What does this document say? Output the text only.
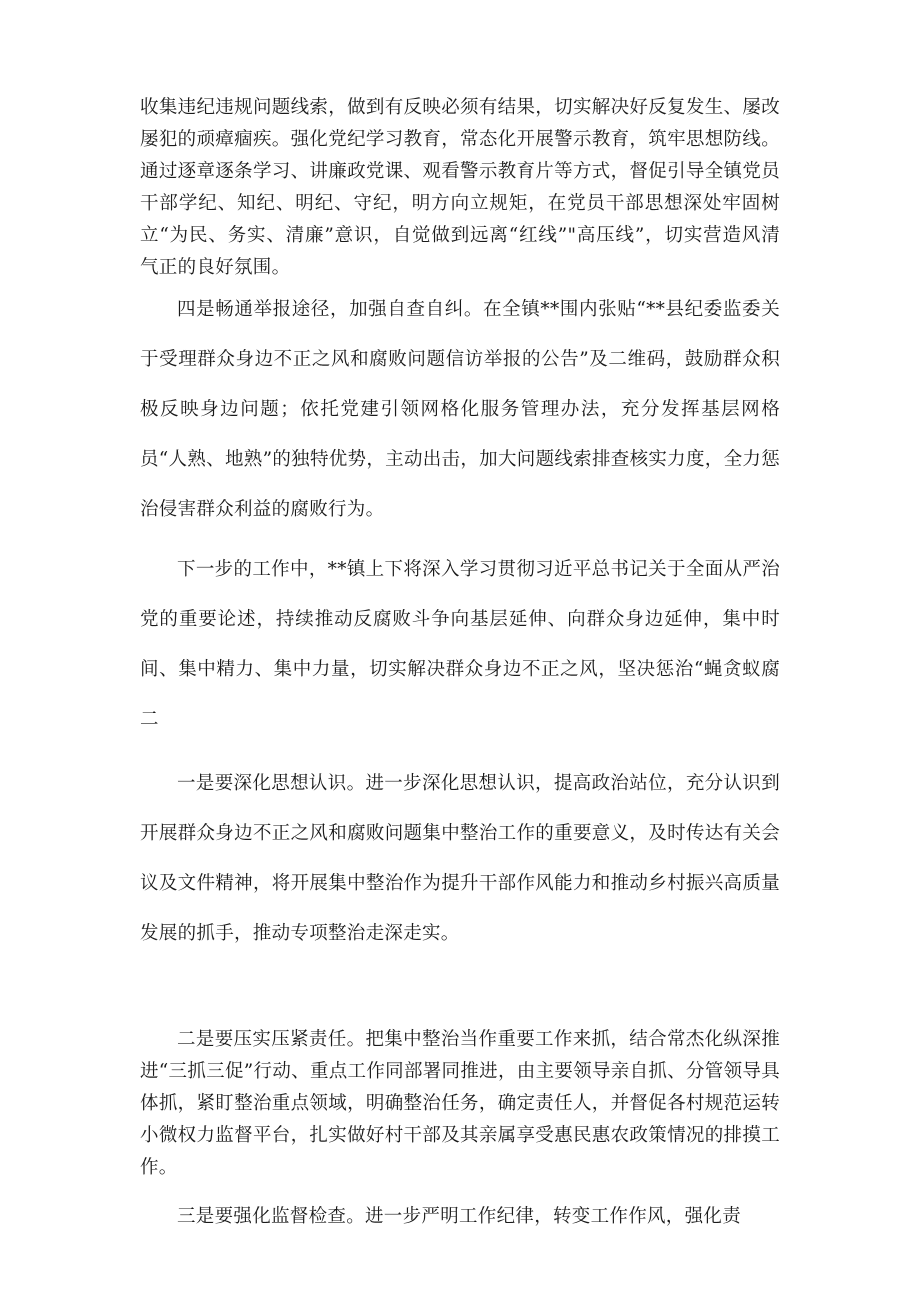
收集违纪违规问题线索，做到有反映必须有结果，切实解决好反复发生、屡改屡犯的顽瘴痼疾。强化党纪学习教育，常态化开展警示教育，筑牢思想防线。通过逐章逐条学习、讲廉政党课、观看警示教育片等方式，督促引导全镇党员干部学纪、知纪、明纪、守纪，明方向立规矩，在党员干部思想深处牢固树立“为民、务实、清廉”意识，自觉做到远离“红线”"高压线”，切实营造风清气正的良好氛围。

四是畅通举报途径，加强自查自纠。在全镇**围内张贴“**县纪委监委关于受理群众身边不正之风和腐败问题信访举报的公告”及二维码，鼓励群众积极反映身边问题；依托党建引领网格化服务管理办法，充分发挥基层网格员“人熟、地熟”的独特优势，主动出击，加大问题线索排查核实力度，全力惩治侵害群众利益的腐败行为。

下一步的工作中，**镇上下将深入学习贯彻习近平总书记关于全面从严治党的重要论述，持续推动反腐败斗争向基层延伸、向群众身边延伸，集中时间、集中精力、集中力量，切实解决群众身边不正之风，坚决惩治“蝇贪蚁腐二

一是要深化思想认识。进一步深化思想认识，提高政治站位，充分认识到开展群众身边不正之风和腐败问题集中整治工作的重要意义，及时传达有关会议及文件精神，将开展集中整治作为提升干部作风能力和推动乡村振兴高质量发展的抓手，推动专项整治走深走实。

二是要压实压紧责任。把集中整治当作重要工作来抓，结合常杰化纵深推进“三抓三促”行动、重点工作同部署同推进，由主要领导亲自抓、分管领导具体抓，紧盯整治重点领域，明确整治任务，确定责任人，并督促各村规范运转小微权力监督平台，扎实做好村干部及其亲属享受惠民惠农政策情况的排摸工作。

三是要强化监督检查。进一步严明工作纪律，转变工作作风，强化责
